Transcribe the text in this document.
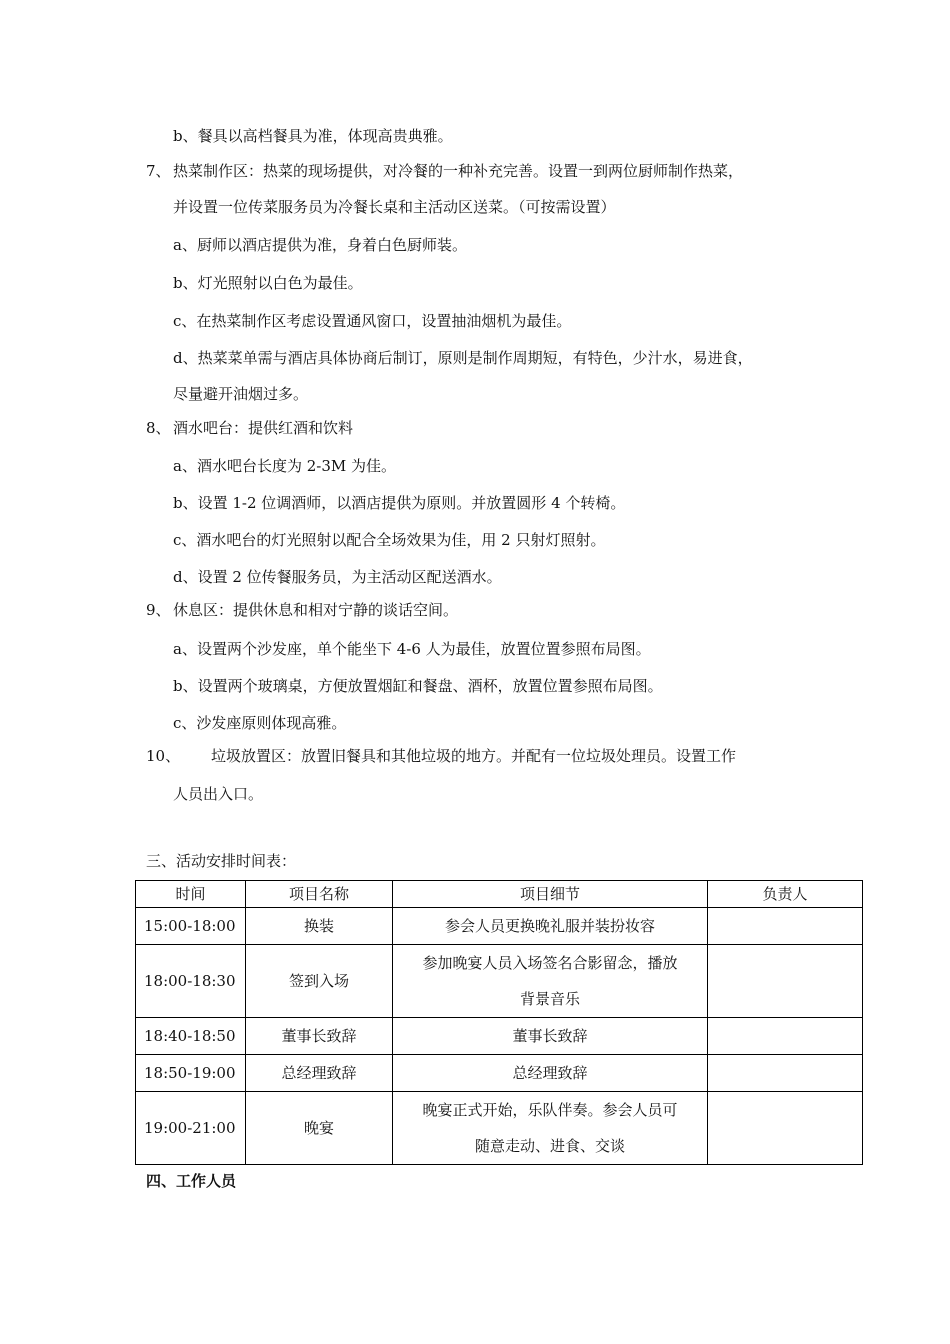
b、餐具以高档餐具为准，体现高贵典雅。
7、 热菜制作区：热菜的现场提供，对冷餐的一种补充完善。设置一到两位厨师制作热菜，
并设置一位传菜服务员为冷餐长桌和主活动区送菜。（可按需设置）
a、厨师以酒店提供为准，身着白色厨师装。
b、灯光照射以白色为最佳。
c、在热菜制作区考虑设置通风窗口，设置抽油烟机为最佳。
d、热菜菜单需与酒店具体协商后制订，原则是制作周期短，有特色，少汁水，易进食，
尽量避开油烟过多。
8、 酒水吧台：提供红酒和饮料
a、酒水吧台长度为 2-3M 为佳。
b、设置 1-2 位调酒师，以酒店提供为原则。并放置圆形 4 个转椅。
c、酒水吧台的灯光照射以配合全场效果为佳，用 2 只射灯照射。
d、设置 2 位传餐服务员，为主活动区配送酒水。
9、 休息区：提供休息和相对宁静的谈话空间。
a、设置两个沙发座，单个能坐下 4-6 人为最佳，放置位置参照布局图。
b、设置两个玻璃桌，方便放置烟缸和餐盘、酒杯，放置位置参照布局图。
c、沙发座原则体现高雅。
10、 垃圾放置区：放置旧餐具和其他垃圾的地方。并配有一位垃圾处理员。设置工作
人员出入口。
三、活动安排时间表：
时间	项目名称	项目细节	负责人
15:00-18:00	换装	参会人员更换晚礼服并装扮妆容	
18:00-18:30	签到入场	参加晚宴人员入场签名合影留念，播放
背景音乐	

18:40-18:50	董事长致辞	董事长致辞	
18:50-19:00	总经理致辞	总经理致辞	
19:00-21:00	晚宴	晚宴正式开始，乐队伴奏。参会人员可
随意走动、进食、交谈	

四、工作人员
